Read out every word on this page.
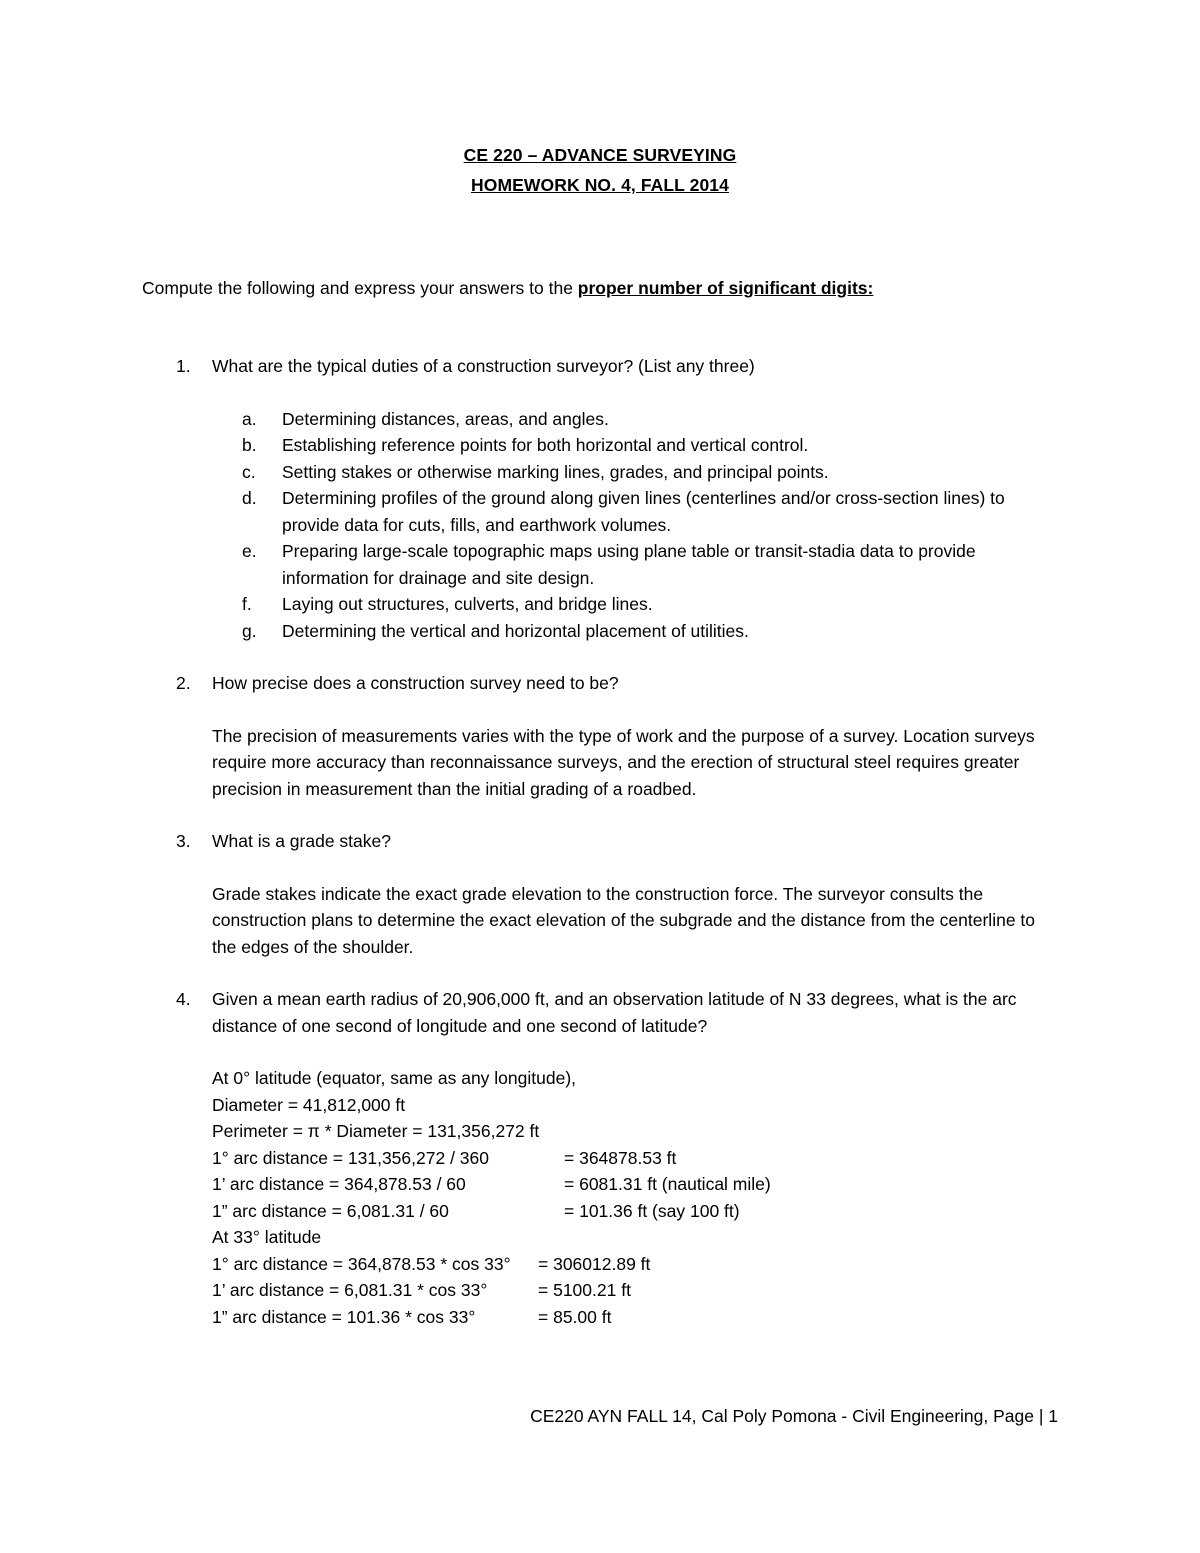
CE 220 – ADVANCE SURVEYING
HOMEWORK NO. 4, FALL 2014
Compute the following and express your answers to the proper number of significant digits:
1.	What are the typical duties of a construction surveyor? (List any three)
a.	Determining distances, areas, and angles.
b.	Establishing reference points for both horizontal and vertical control.
c.	Setting stakes or otherwise marking lines, grades, and principal points.
d.	Determining profiles of the ground along given lines (centerlines and/or cross-section lines) to provide data for cuts, fills, and earthwork volumes.
e.	Preparing large-scale topographic maps using plane table or transit-stadia data to provide information for drainage and site design.
f.	Laying out structures, culverts, and bridge lines.
g.	Determining the vertical and horizontal placement of utilities.
2.	How precise does a construction survey need to be?
The precision of measurements varies with the type of work and the purpose of a survey. Location surveys require more accuracy than reconnaissance surveys, and the erection of structural steel requires greater precision in measurement than the initial grading of a roadbed.
3.	What is a grade stake?
Grade stakes indicate the exact grade elevation to the construction force. The surveyor consults the construction plans to determine the exact elevation of the subgrade and the distance from the centerline to the edges of the shoulder.
4.	Given a mean earth radius of 20,906,000 ft, and an observation latitude of N 33 degrees, what is the arc distance of one second of longitude and one second of latitude?
At 0° latitude (equator, same as any longitude),
Diameter = 41,812,000 ft
Perimeter = π * Diameter = 131,356,272 ft
1° arc distance = 131,356,272 / 360	= 364878.53 ft
1’ arc distance = 364,878.53 / 60	= 6081.31 ft (nautical mile)
1” arc distance = 6,081.31 / 60	= 101.36 ft (say 100 ft)
At 33° latitude
1° arc distance = 364,878.53 * cos 33°	= 306012.89 ft
1’ arc distance = 6,081.31 * cos 33°	= 5100.21 ft
1” arc distance = 101.36 * cos 33°	= 85.00 ft
CE220 AYN FALL 14, Cal Poly Pomona - Civil Engineering, Page | 1
